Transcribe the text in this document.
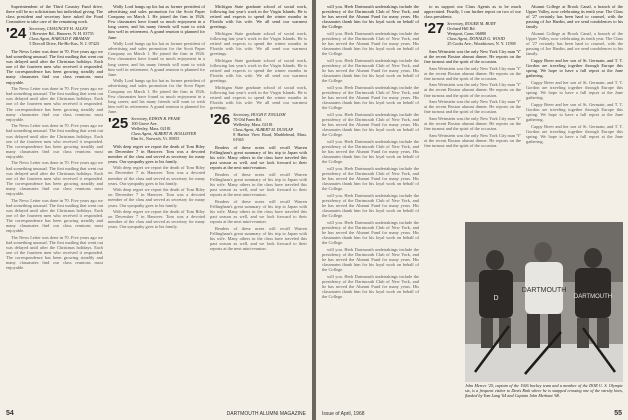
Superintendent of the Third Country Fund drive, there will be no solicitations but individual giving. The class president and secretary have asked the Fund Committee to take care of the remaining work.

'24 Secretary, CHAUNCEY H. ALLEN
1 Brewster Rd., Hanover, N. H. 03755
Class Agent, HAROLD F. BRAMAN
5 Dorcoll Drive, Ho-Ho-Kus, N. J. 07423

The News Letter was done in 70. Five years ago we had something unusual. The first mailing that went out was delayed until after the Christmas holidays. Each one of the fourteen men who received it responded. The correspondence has been growing steadily and many classmates find our class reunions most enjoyable.

The News Letter was done in 70. Five years ago we had something unusual. The first mailing that went out was delayed until after the Christmas holidays. Each one of the fourteen men who received it responded. The correspondence has been growing steadily and many classmates find our class reunions most enjoyable.

The News Letter was done in 70. Five years ago we had something unusual. The first mailing that went out was delayed until after the Christmas holidays. Each one of the fourteen men who received it responded. The correspondence has been growing steadily and many classmates find our class reunions most enjoyable.

The News Letter was done in 70. Five years ago we had something unusual. The first mailing that went out was delayed until after the Christmas holidays. Each one of the fourteen men who received it responded. The correspondence has been growing steadily and many classmates find our class reunions most enjoyable.

The News Letter was done in 70. Five years ago we had something unusual. The first mailing that went out was delayed until after the Christmas holidays. Each one of the fourteen men who received it responded. The correspondence has been growing steadily and many classmates find our class reunions most enjoyable.

The News Letter was done in 70. Five years ago we had something unusual. The first mailing that went out was delayed until after the Christmas holidays. Each one of the fourteen men who received it responded. The correspondence has been growing steadily and many classmates find our class reunions most enjoyable.

Wally Lord hangs up his hat as former president of advertising and sales promotion for the Scott Paper Company on March 1. He joined the firm in 1926. Few classmates have found so much enjoyment in a long career, and his many friends will want to wish him well in retirement. A grand reunion is planned for June.

Wally Lord hangs up his hat as former president of advertising and sales promotion for the Scott Paper Company on March 1. He joined the firm in 1926. Few classmates have found so much enjoyment in a long career, and his many friends will want to wish him well in retirement. A grand reunion is planned for June.

Wally Lord hangs up his hat as former president of advertising and sales promotion for the Scott Paper Company on March 1. He joined the firm in 1926. Few classmates have found so much enjoyment in a long career, and his many friends will want to wish him well in retirement. A grand reunion is planned for June.

'25 Secretary, EDWIN B. PEASE
100 Grove Ave.
Wellesley, Mass. 02181
Class Agent, ALBERT H. HOLLISTER
Elm St., Norwich, Vt. 05055

With deep regret we report the death of Tom Riley on December 7 in Hanover. Tom was a devoted member of the class and served as secretary for many years. Our sympathy goes to his family.

With deep regret we report the death of Tom Riley on December 7 in Hanover. Tom was a devoted member of the class and served as secretary for many years. Our sympathy goes to his family.

With deep regret we report the death of Tom Riley on December 7 in Hanover. Tom was a devoted member of the class and served as secretary for many years. Our sympathy goes to his family.

With deep regret we report the death of Tom Riley on December 7 in Hanover. Tom was a devoted member of the class and served as secretary for many years. Our sympathy goes to his family.

Michigan State graduate school of social work, following last year's work in the Virgin Islands. He is retired and expects to spend the winter months in Florida with his wife. We all send our warmest greetings.

Michigan State graduate school of social work, following last year's work in the Virgin Islands. He is retired and expects to spend the winter months in Florida with his wife. We all send our warmest greetings.

Michigan State graduate school of social work, following last year's work in the Virgin Islands. He is retired and expects to spend the winter months in Florida with his wife. We all send our warmest greetings.

Michigan State graduate school of social work, following last year's work in the Virgin Islands. He is retired and expects to spend the winter months in Florida with his wife. We all send our warmest greetings.

'26 Secretary, HUGH F. ENGLISH
70 Old Farm Rd.
Wellesley, Mass. 02181
Class Agent, ALBERT M. DUNLAP
8 Harbor View Road, Marblehead, Mass. 01945

Readers of these notes will recall Warren Fellingham's great summary of his trip to Japan with his wife. Many others in the class have traveled this past season as well, and we look forward to their reports at the next mini-reunion.

Readers of these notes will recall Warren Fellingham's great summary of his trip to Japan with his wife. Many others in the class have traveled this past season as well, and we look forward to their reports at the next mini-reunion.

Readers of these notes will recall Warren Fellingham's great summary of his trip to Japan with his wife. Many others in the class have traveled this past season as well, and we look forward to their reports at the next mini-reunion.

Readers of these notes will recall Warren Fellingham's great summary of his trip to Japan with his wife. Many others in the class have traveled this past season as well, and we look forward to their reports at the next mini-reunion.

54	DARTMOUTH ALUMNI MAGAZINE

will you. Herb Dartmouth undertakings include the presidency of the Dartmouth Club of New York, and he has served the Alumni Fund for many years. His classmates thank him for his loyal work on behalf of the College.

will you. Herb Dartmouth undertakings include the presidency of the Dartmouth Club of New York, and he has served the Alumni Fund for many years. His classmates thank him for his loyal work on behalf of the College.

will you. Herb Dartmouth undertakings include the presidency of the Dartmouth Club of New York, and he has served the Alumni Fund for many years. His classmates thank him for his loyal work on behalf of the College.

will you. Herb Dartmouth undertakings include the presidency of the Dartmouth Club of New York, and he has served the Alumni Fund for many years. His classmates thank him for his loyal work on behalf of the College.

will you. Herb Dartmouth undertakings include the presidency of the Dartmouth Club of New York, and he has served the Alumni Fund for many years. His classmates thank him for his loyal work on behalf of the College.

will you. Herb Dartmouth undertakings include the presidency of the Dartmouth Club of New York, and he has served the Alumni Fund for many years. His classmates thank him for his loyal work on behalf of the College.

will you. Herb Dartmouth undertakings include the presidency of the Dartmouth Club of New York, and he has served the Alumni Fund for many years. His classmates thank him for his loyal work on behalf of the College.

will you. Herb Dartmouth undertakings include the presidency of the Dartmouth Club of New York, and he has served the Alumni Fund for many years. His classmates thank him for his loyal work on behalf of the College.

will you. Herb Dartmouth undertakings include the presidency of the Dartmouth Club of New York, and he has served the Alumni Fund for many years. His classmates thank him for his loyal work on behalf of the College.

will you. Herb Dartmouth undertakings include the presidency of the Dartmouth Club of New York, and he has served the Alumni Fund for many years. His classmates thank him for his loyal work on behalf of the College.

will you. Herb Dartmouth undertakings include the presidency of the Dartmouth Club of New York, and he has served the Alumni Fund for many years. His classmates thank him for his loyal work on behalf of the College.

to us support our Class Agents as to be much appreciated. Finally, I can further report on two of our class presidents.

'27 Secretary, ROGER M. BURY
Orchard Hill Rd.
Westport, Conn. 06880
Class Agent, DONALD G. WOOD
25 Cooks Ave., Woodstown, N. Y. 11598

Sam Weinstein was the only New York City man 'Y' at the recent Boston alumni dinner. He reports on the fine turnout and the spirit of the occasion.

Sam Weinstein was the only New York City man 'Y' at the recent Boston alumni dinner. He reports on the fine turnout and the spirit of the occasion.

Sam Weinstein was the only New York City man 'Y' at the recent Boston alumni dinner. He reports on the fine turnout and the spirit of the occasion.

Sam Weinstein was the only New York City man 'Y' at the recent Boston alumni dinner. He reports on the fine turnout and the spirit of the occasion.

Sam Weinstein was the only New York City man 'Y' at the recent Boston alumni dinner. He reports on the fine turnout and the spirit of the occasion.

Sam Weinstein was the only New York City man 'Y' at the recent Boston alumni dinner. He reports on the fine turnout and the spirit of the occasion.

Alumni College at Brook Canal, a branch of the Upper Valley, now celebrating its tenth year. The Class of '27 certainly has been hard to counsel, with the passing of Joe Hardin, and we send condolences to his family.

Alumni College at Brook Canal, a branch of the Upper Valley, now celebrating its tenth year. The Class of '27 certainly has been hard to counsel, with the passing of Joe Hardin, and we send condolences to his family.

Cuppy Breer and her son of St. Germain, and T. T. Gordon are traveling together through Europe this spring. We hope to have a full report at the June gathering.

Cuppy Breer and her son of St. Germain, and T. T. Gordon are traveling together through Europe this spring. We hope to have a full report at the June gathering.

Cuppy Breer and her son of St. Germain, and T. T. Gordon are traveling together through Europe this spring. We hope to have a full report at the June gathering.

Cuppy Breer and her son of St. Germain, and T. T. Gordon are traveling together through Europe this spring. We hope to have a full report at the June gathering.

D
DARTMOUTH
DARTMOUTH
John Mercer '25, captain of the 1926 hockey team and a member of the DOR U. S. Olympic six, is a frequent visitor to Davis Rink where he is snapped crossing one of the varsity lines, flanked by Tom Lang '64 and Captain John Merhaut '68.
Issue of April, 1968	55
